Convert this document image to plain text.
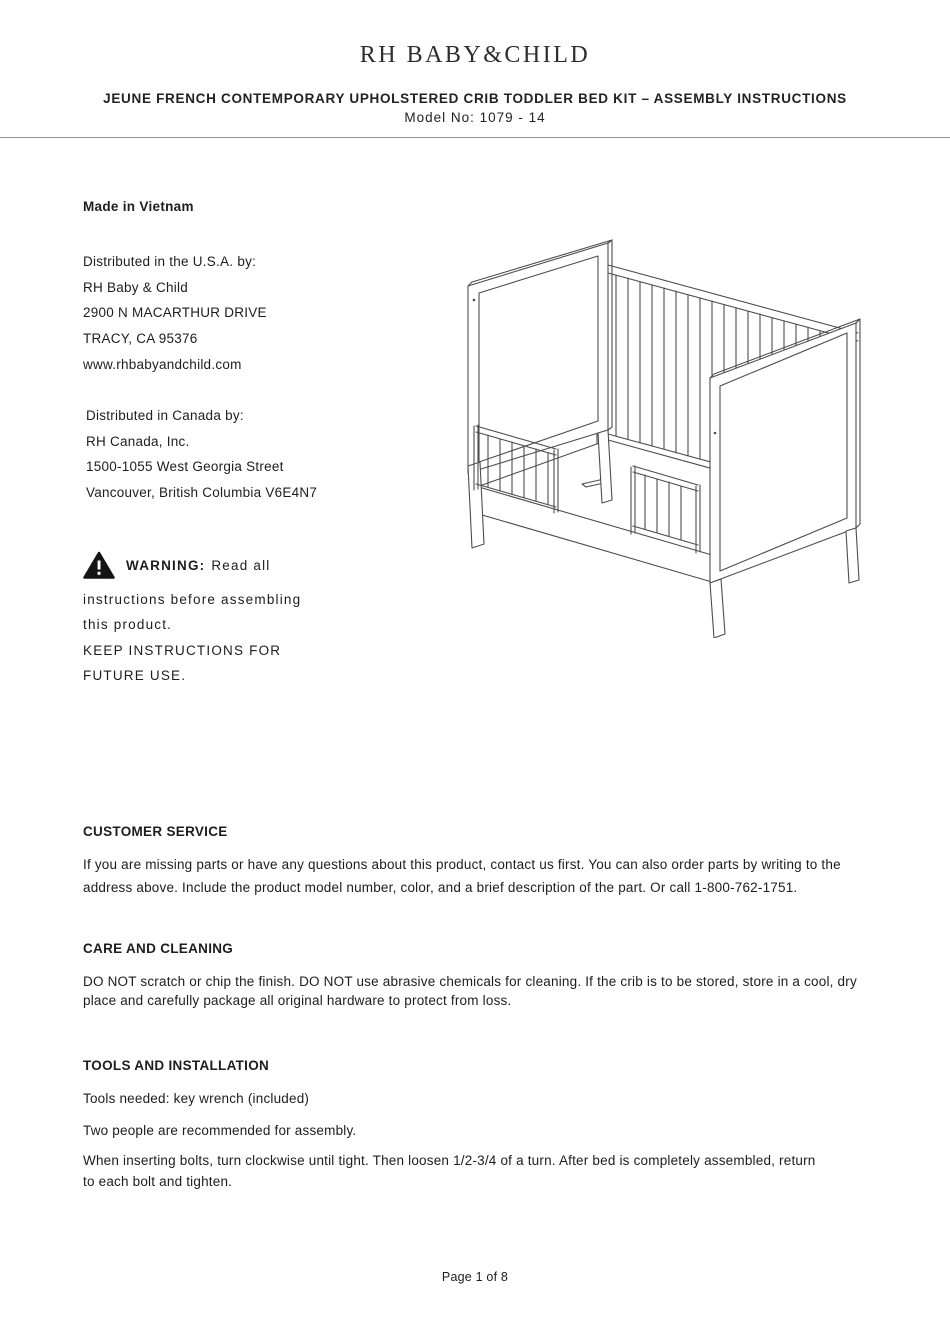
RH BABY&CHILD
JEUNE FRENCH CONTEMPORARY UPHOLSTERED CRIB TODDLER BED KIT – ASSEMBLY INSTRUCTIONS
Model No: 1079 - 14
Made in Vietnam
Distributed in the U.S.A. by:
RH Baby & Child
2900 N MACARTHUR DRIVE
TRACY, CA 95376
www.rhbabyandchild.com
Distributed in Canada by:
RH Canada, Inc.
1500-1055 West Georgia Street
Vancouver, British Columbia V6E4N7
WARNING: Read all
instructions before assembling
this product.
KEEP INSTRUCTIONS FOR
FUTURE USE.
CUSTOMER SERVICE
If you are missing parts or have any questions about this product, contact us first. You can also order parts by writing to the address above. Include the product model number, color, and a brief description of the part. Or call 1-800-762-1751.
CARE AND CLEANING
DO NOT scratch or chip the finish. DO NOT use abrasive chemicals for cleaning. If the crib is to be stored, store in a cool, dry place and carefully package all original hardware to protect from loss.
TOOLS AND INSTALLATION
Tools needed: key wrench (included)
Two people are recommended for assembly.
When inserting bolts, turn clockwise until tight. Then loosen 1/2-3/4 of a turn. After bed is completely assembled, return to each bolt and tighten.
Page 1 of 8
